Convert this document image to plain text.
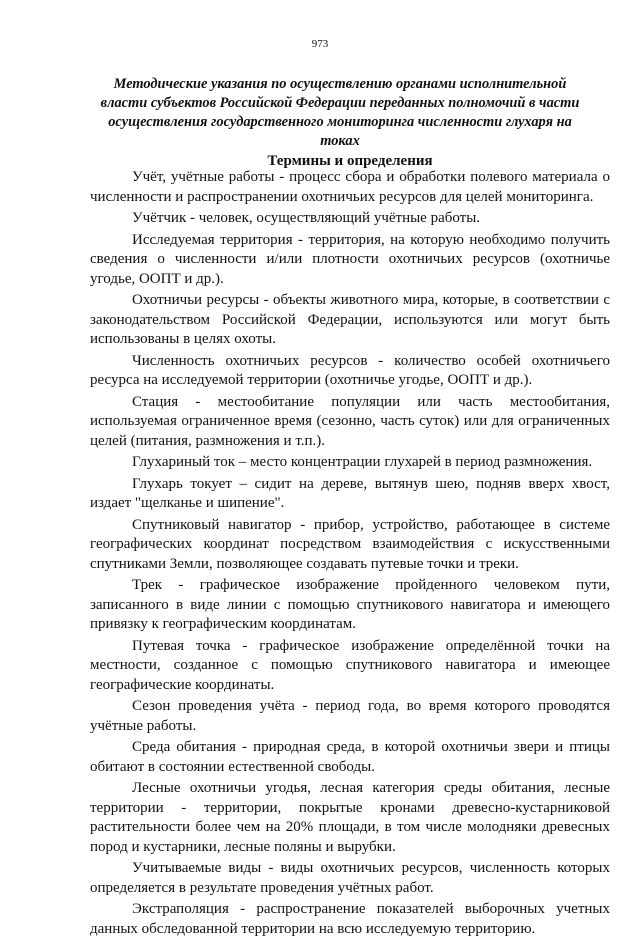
973
Методические указания по осуществлению органами исполнительной власти субъектов Российской Федерации переданных полномочий в части осуществления государственного мониторинга численности глухаря на токах
Термины и определения

Учёт, учётные работы - процесс сбора и обработки полевого материала о численности и распространении охотничьих ресурсов для целей мониторинга.

Учётчик - человек, осуществляющий учётные работы.

Исследуемая территория - территория, на которую необходимо получить сведения о численности и/или плотности охотничьих ресурсов (охотничье угодье, ООПТ и др.).

Охотничьи ресурсы - объекты животного мира, которые, в соответствии с законодательством Российской Федерации, используются или могут быть использованы в целях охоты.

Численность охотничьих ресурсов - количество особей охотничьего ресурса на исследуемой территории (охотничье угодье, ООПТ и др.).

Стация - местообитание популяции или часть местообитания, используемая ограниченное время (сезонно, часть суток) или для ограниченных целей (питания, размножения и т.п.).

Глухариный ток – место концентрации глухарей в период размножения.

Глухарь токует – сидит на дереве, вытянув шею, подняв вверх хвост, издает "щелканье и шипение".

Спутниковый навигатор - прибор, устройство, работающее в системе географических координат посредством взаимодействия с искусственными спутниками Земли, позволяющее создавать путевые точки и треки.

Трек - графическое изображение пройденного человеком пути, записанного в виде линии с помощью спутникового навигатора и имеющего привязку к географическим координатам.

Путевая точка - графическое изображение определённой точки на местности, созданное с помощью спутникового навигатора и имеющее географические координаты.

Сезон проведения учёта - период года, во время которого проводятся учётные работы.

Среда обитания - природная среда, в которой охотничьи звери и птицы обитают в состоянии естественной свободы.

Лесные охотничьи угодья, лесная категория среды обитания, лесные территории - территории, покрытые кронами древесно-кустарниковой растительности более чем на 20% площади, в том числе молодняки древесных пород и кустарники, лесные поляны и вырубки.

Учитываемые виды - виды охотничьих ресурсов, численность которых определяется в результате проведения учётных работ.

Экстраполяция - распространение показателей выборочных учетных данных обследованной территории на всю исследуемую территорию.
